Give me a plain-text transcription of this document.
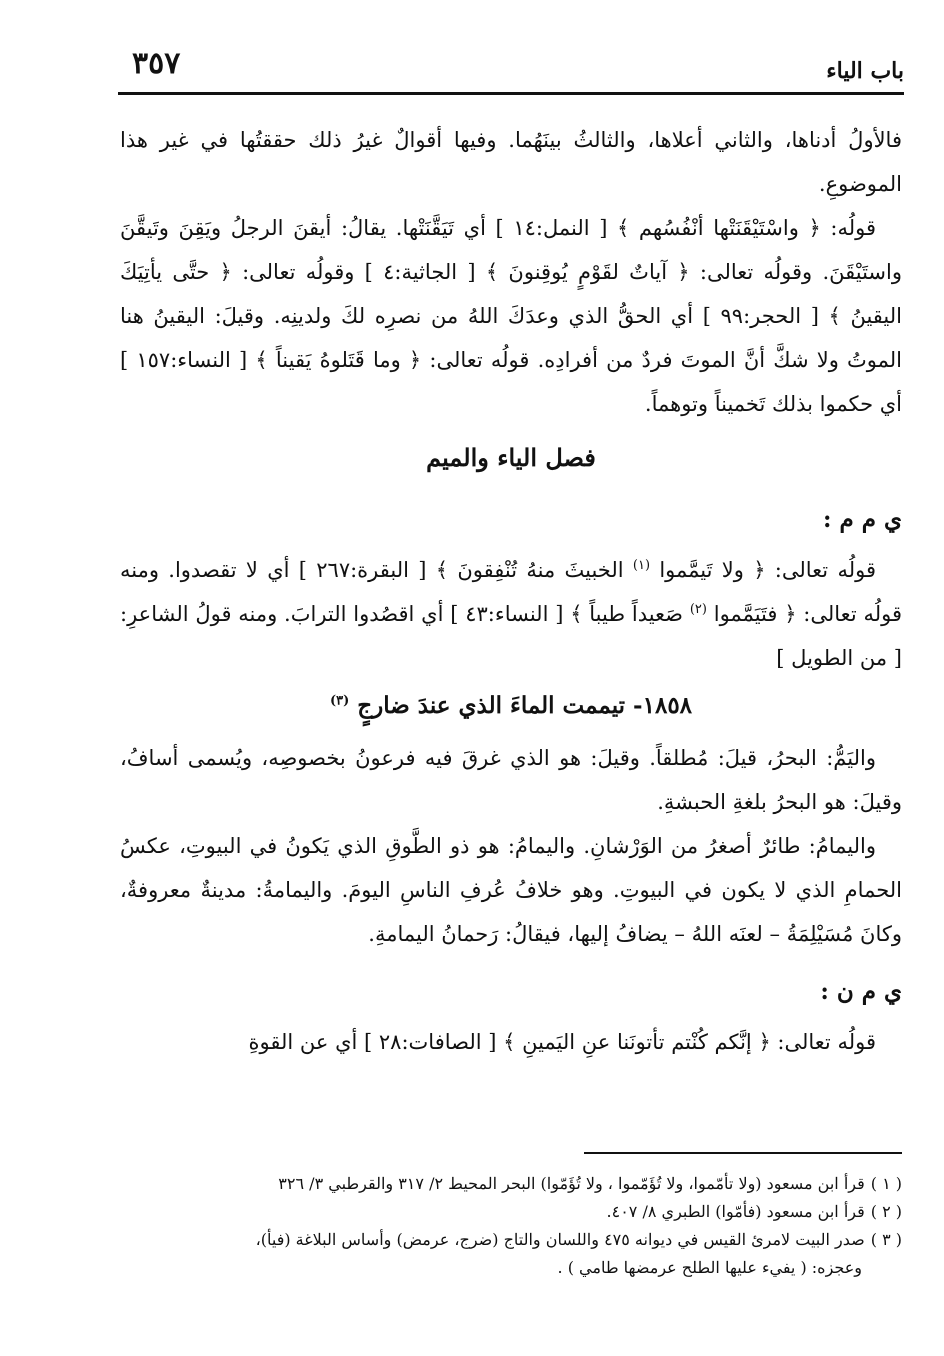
٣٥٧	باب الياء

فالأولُ أدناها، والثاني أعلاها، والثالثُ بينَهُما. وفيها أقوالٌ غيرُ ذلك حققتُها في غير هذا الموضوعِ.

قولُه: ﴿ واسْتَيْقَنَتْها أنْفُسُهم ﴾ [ النمل:١٤ ] أي تَيَقَّنَتْها. يقالُ: أيقنَ الرجلُ ويَقِنَ وتَيقَّنَ واستَيْقَنَ. وقولُه تعالى: ﴿ آياتٌ لقَوْمٍ يُوقِنونَ ﴾ [ الجاثية:٤ ] وقولُه تعالى: ﴿ حتَّى يأتِيَكَ اليقينُ ﴾ [ الحجر:٩٩ ] أي الحقُّ الذي وعدَكَ اللهُ من نصرِه لكَ ولدينِه. وقيلَ: اليقينُ هنا الموتُ ولا شكَّ أنَّ الموتَ فردٌ من أفرادِه. قولُه تعالى: ﴿ وما قَتَلوهُ يَقيناً ﴾ [ النساء:١٥٧ ] أي حكموا بذلك تَخميناً وتوهماً.

فصل الياء والميم
ي م م :

قولُه تعالى: ﴿ ولا تَيمَّموا $^{(١)}$ الخبيثَ منهُ تُنْفِقونَ ﴾ [ البقرة:٢٦٧ ] أي لا تقصدوا. ومنه قولُه تعالى: ﴿ فتَيَمَّموا $^{(٢)}$ صَعيداً طيباً ﴾ [ النساء:٤٣ ] أي اقصُدوا الترابَ. ومنه قولُ الشاعرِ: [ من الطويل ]

١٨٥٨- تيممت الماءَ الذي عندَ ضارجٍ $^{(٣)}$

واليَمُّ: البحرُ، قيلَ: مُطلقاً. وقيلَ: هو الذي غرقَ فيه فرعونُ بخصوصِه، ويُسمى أسافُ، وقيلَ: هو البحرُ بلغةِ الحبشةِ.

واليمامُ: طائرٌ أصغرُ من الوَرْشانِ. واليمامُ: هو ذو الطَّوقِ الذي يَكونُ في البيوتِ، عكسُ الحمامِ الذي لا يكون في البيوتِ. وهو خلافُ عُرفِ الناسِ اليومَ. واليمامةُ: مدينةٌ معروفةٌ، وكانَ مُسَيْلِمَةُ – لعنَه اللهُ – يضافُ إليها، فيقالُ: رَحمانُ اليمامةِ.

ي م ن :

قولُه تعالى: ﴿ إنَّكم كُنْتم تأتونَنا عنِ اليَمينِ ﴾ [ الصافات:٢٨ ] أي عن القوةِ

( ١ )قرأ ابن مسعود (ولا تأمّموا، ولا تُؤَمّموا ، ولا تُؤَمّوا) البحر المحيط ٢/ ٣١٧ والقرطبي ٣/ ٣٢٦

( ٢ )قرأ ابن مسعود (فأمّوا) الطبري ٨/ ٤٠٧.

( ٣ )صدر البيت لامرئ القيس في ديوانه ٤٧٥ واللسان والتاج (ضرج، عرمض) وأساس البلاغة (فيأ)،

وعجزه: ( يفيء عليها الطلح عرمضها طامي ) .
